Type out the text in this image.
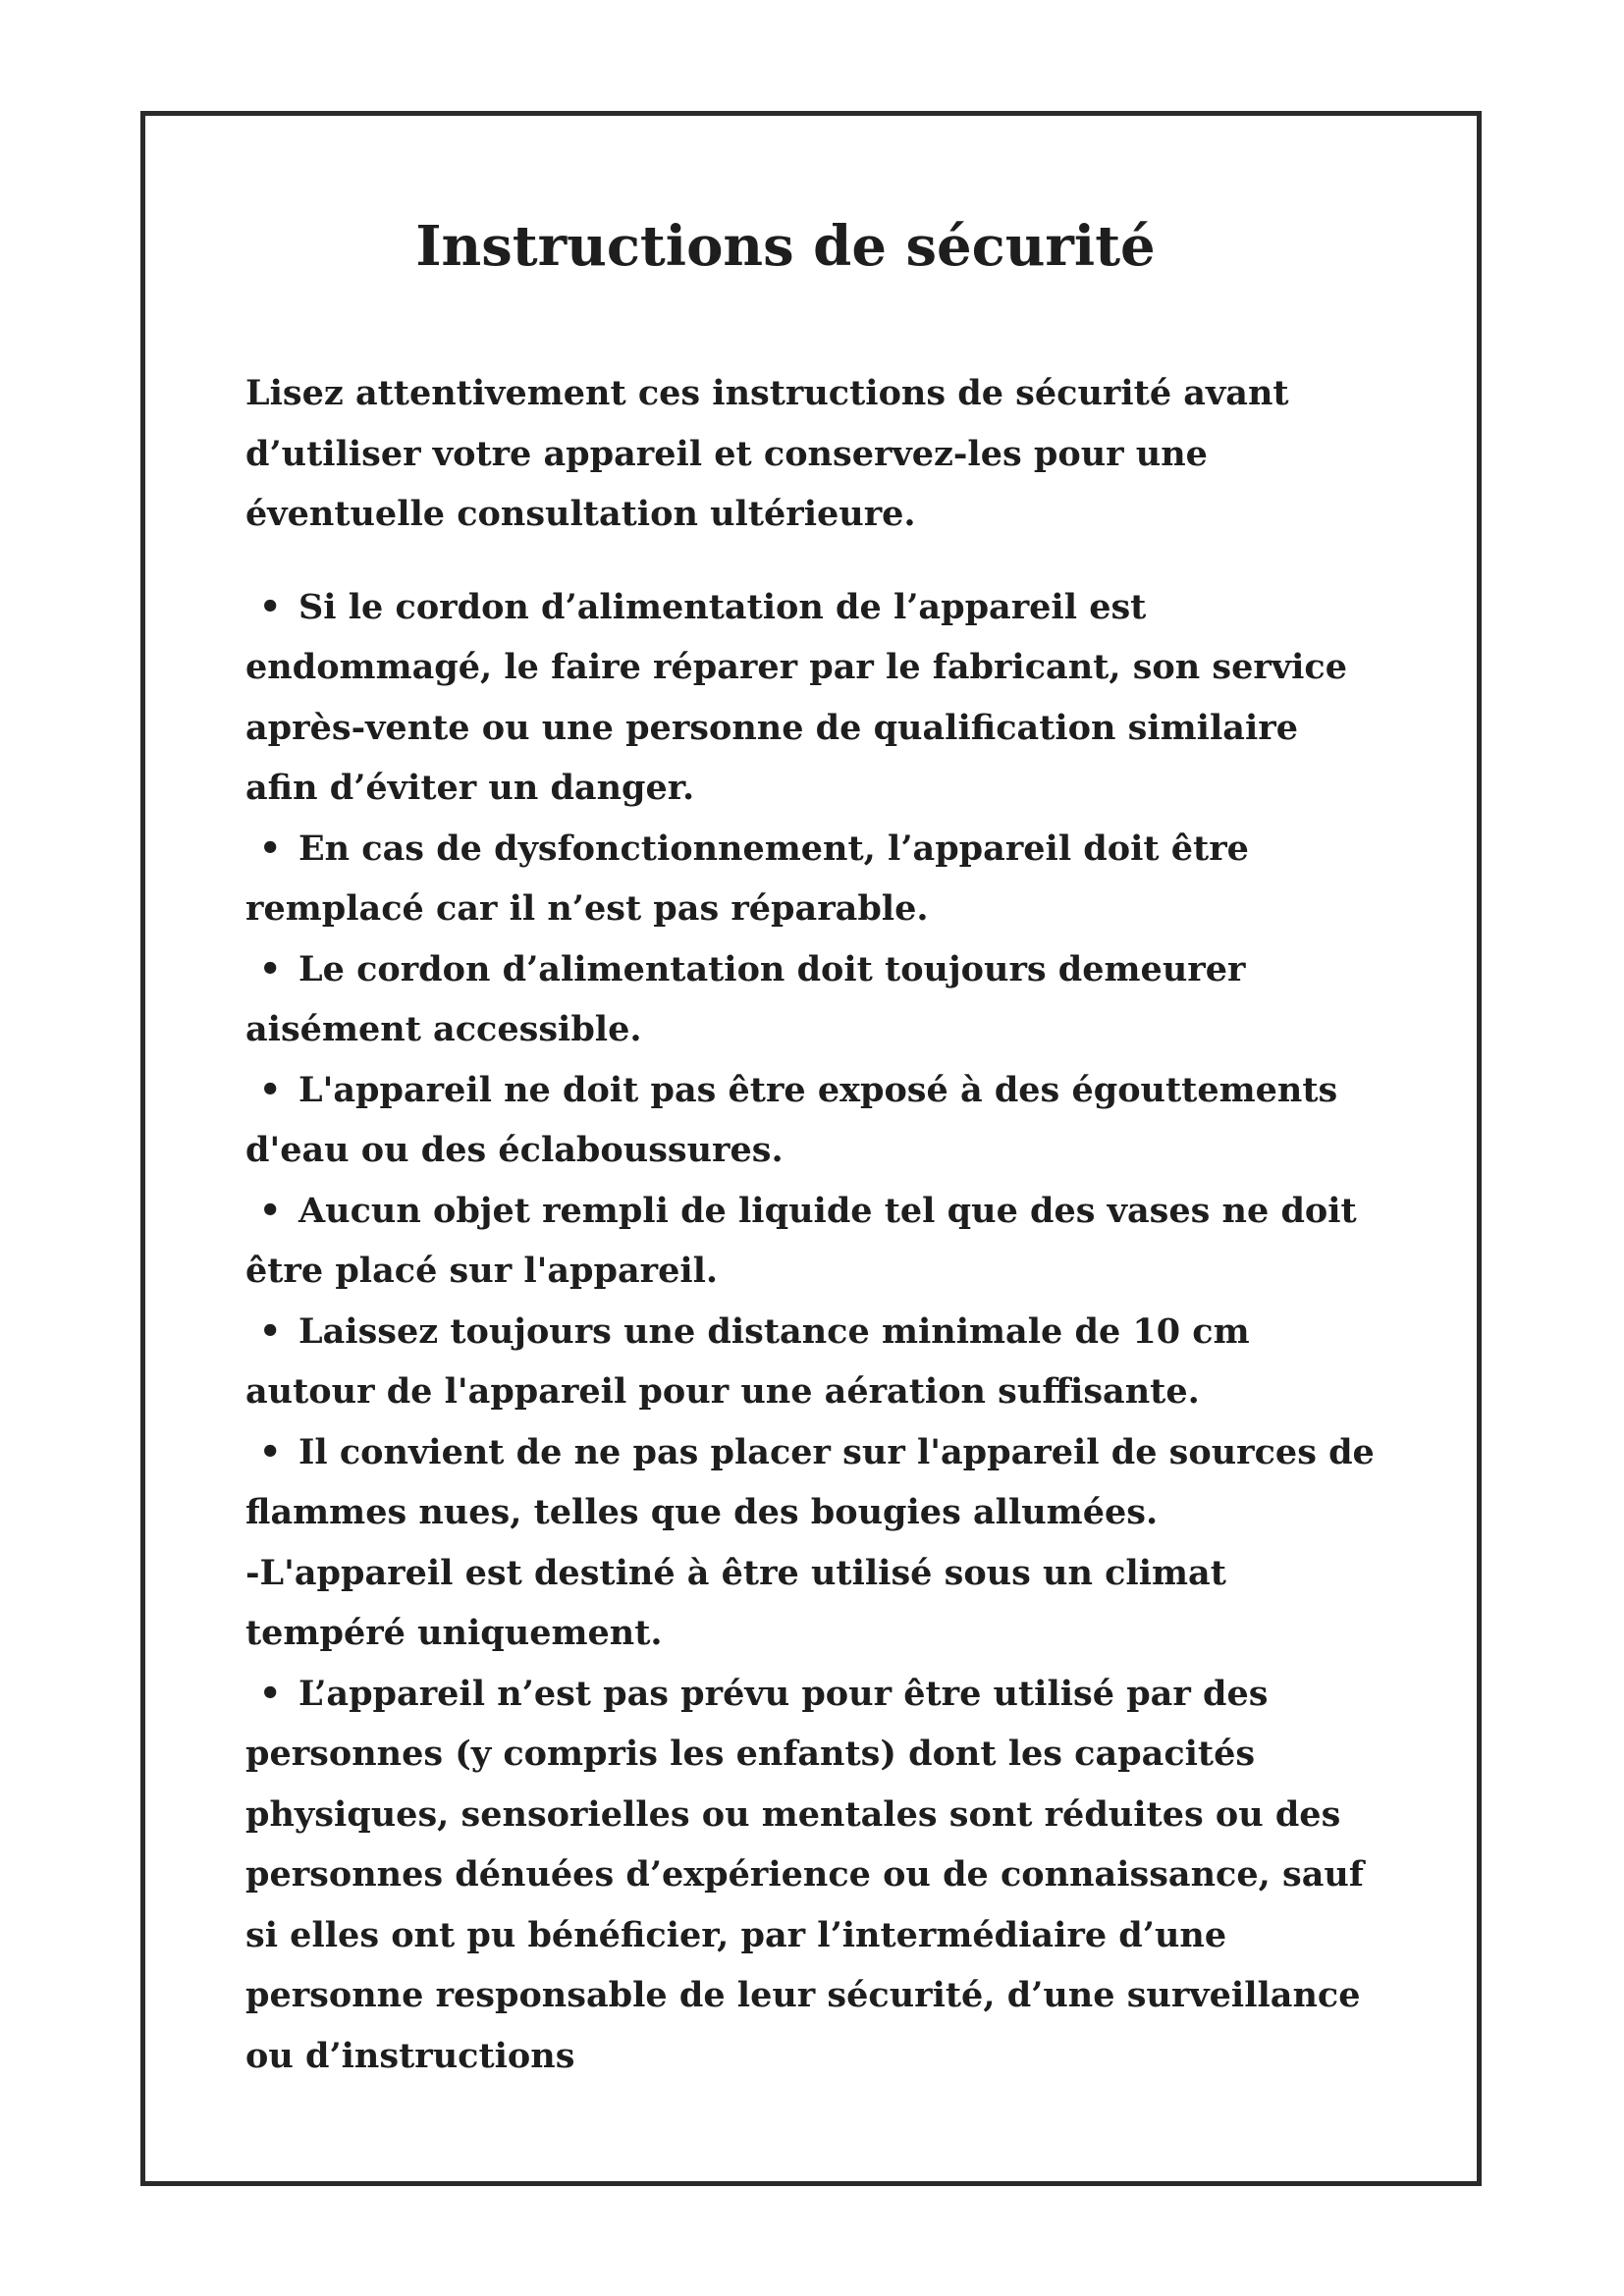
Instructions de sécurité

Lisez attentivement ces instructions de sécurité avant d’utiliser votre appareil et conservez-les pour une éventuelle consultation ultérieure.

• Si le cordon d’alimentation de l’appareil est endommagé, le faire réparer par le fabricant, son service après-vente ou une personne de qualification similaire afin d’éviter un danger.
• En cas de dysfonctionnement, l’appareil doit être remplacé car il n’est pas réparable.
• Le cordon d’alimentation doit toujours demeurer aisément accessible.
• L'appareil ne doit pas être exposé à des égouttements d'eau ou des éclaboussures.
• Aucun objet rempli de liquide tel que des vases ne doit être placé sur l'appareil.
• Laissez toujours une distance minimale de 10 cm autour de l'appareil pour une aération suffisante.
• Il convient de ne pas placer sur l'appareil de sources de flammes nues, telles que des bougies allumées.
-L'appareil est destiné à être utilisé sous un climat tempéré uniquement.
• L’appareil n’est pas prévu pour être utilisé par des personnes (y compris les enfants) dont les capacités physiques, sensorielles ou mentales sont réduites ou des personnes dénuées d’expérience ou de connaissance, sauf si elles ont pu bénéficier, par l’intermédiaire d’une personne responsable de leur sécurité, d’une surveillance ou d’instructions
